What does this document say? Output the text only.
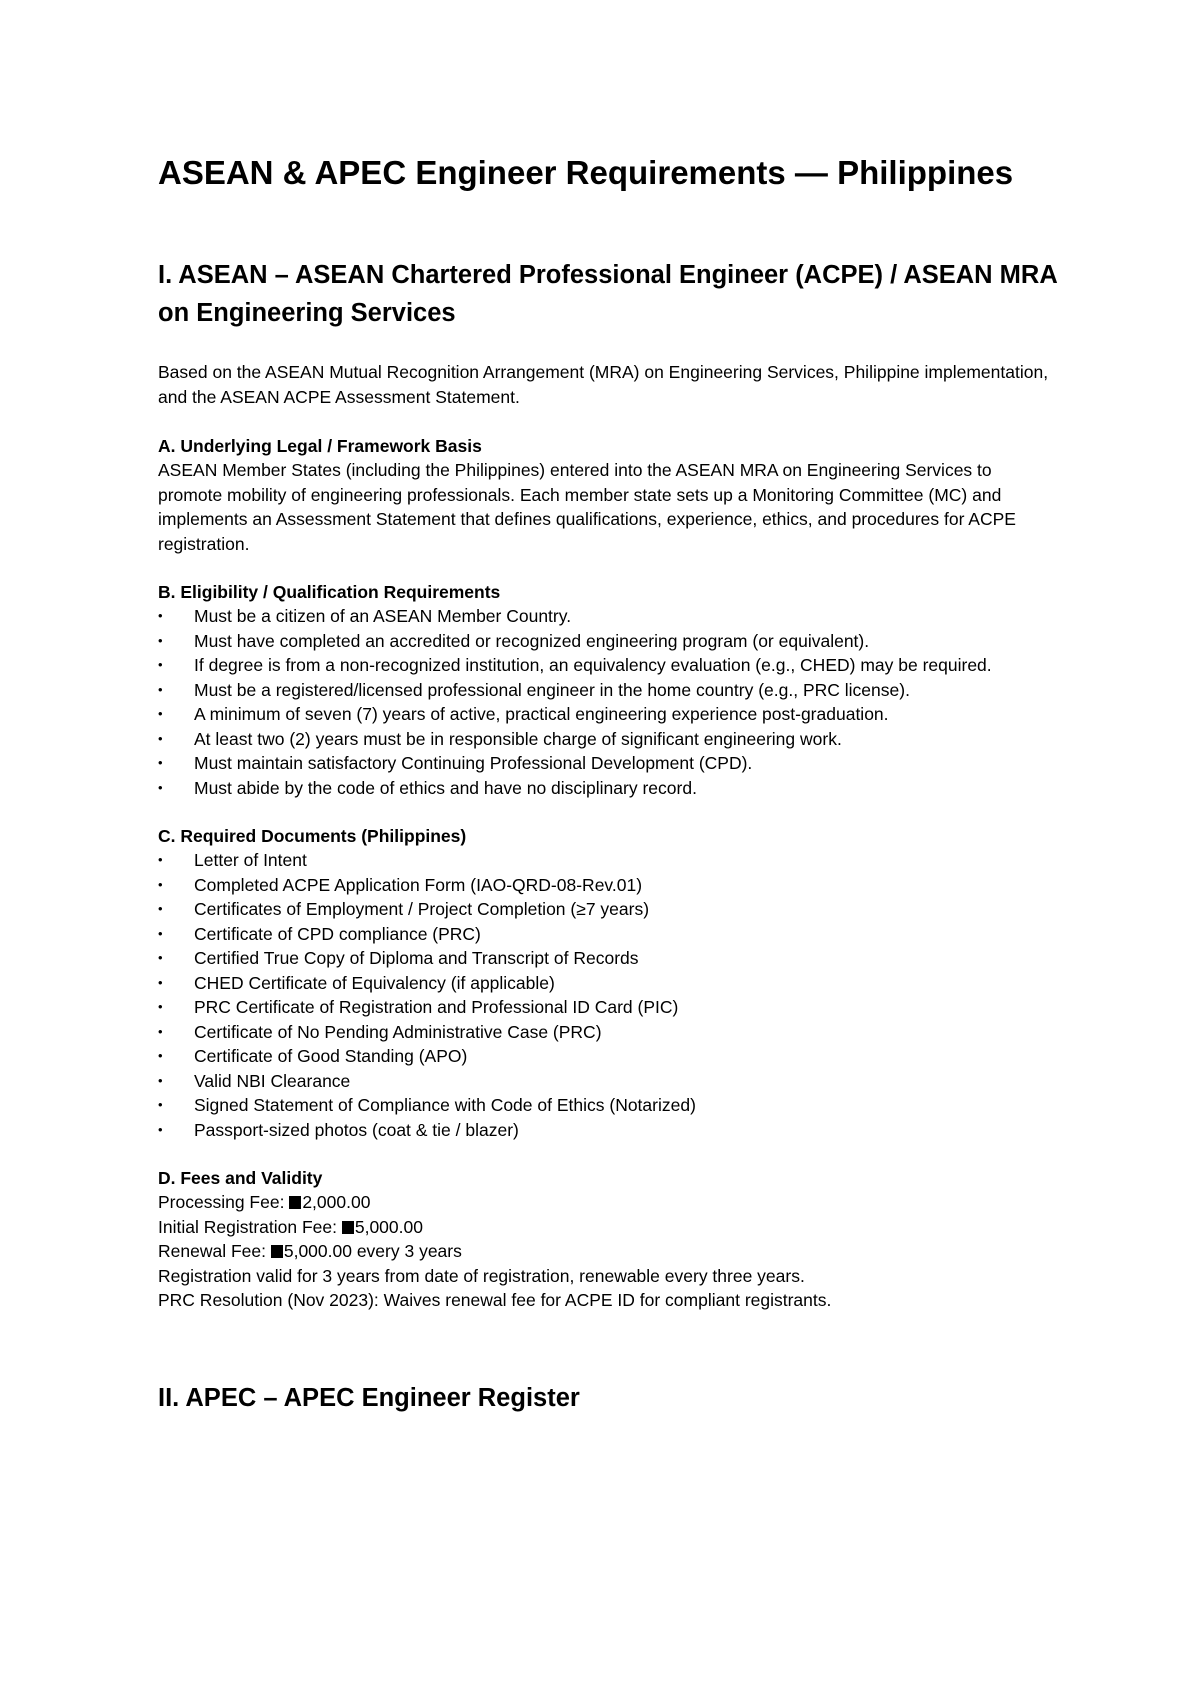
ASEAN & APEC Engineer Requirements — Philippines
I. ASEAN – ASEAN Chartered Professional Engineer (ACPE) / ASEAN MRA on Engineering Services

Based on the ASEAN Mutual Recognition Arrangement (MRA) on Engineering Services, Philippine implementation, and the ASEAN ACPE Assessment Statement.

A. Underlying Legal / Framework Basis

ASEAN Member States (including the Philippines) entered into the ASEAN MRA on Engineering Services to promote mobility of engineering professionals. Each member state sets up a Monitoring Committee (MC) and implements an Assessment Statement that defines qualifications, experience, ethics, and procedures for ACPE registration.

B. Eligibility / Qualification Requirements
•	Must be a citizen of an ASEAN Member Country.
•	Must have completed an accredited or recognized engineering program (or equivalent).
•	If degree is from a non-recognized institution, an equivalency evaluation (e.g., CHED) may be required.
•	Must be a registered/licensed professional engineer in the home country (e.g., PRC license).
•	A minimum of seven (7) years of active, practical engineering experience post-graduation.
•	At least two (2) years must be in responsible charge of significant engineering work.
•	Must maintain satisfactory Continuing Professional Development (CPD).
•	Must abide by the code of ethics and have no disciplinary record.
C. Required Documents (Philippines)
•	Letter of Intent
•	Completed ACPE Application Form (IAO-QRD-08-Rev.01)
•	Certificates of Employment / Project Completion (≥7 years)
•	Certificate of CPD compliance (PRC)
•	Certified True Copy of Diploma and Transcript of Records
•	CHED Certificate of Equivalency (if applicable)
•	PRC Certificate of Registration and Professional ID Card (PIC)
•	Certificate of No Pending Administrative Case (PRC)
•	Certificate of Good Standing (APO)
•	Valid NBI Clearance
•	Signed Statement of Compliance with Code of Ethics (Notarized)
•	Passport-sized photos (coat & tie / blazer)
D. Fees and Validity
Processing Fee: 2,000.00
Initial Registration Fee: 5,000.00
Renewal Fee: 5,000.00 every 3 years
Registration valid for 3 years from date of registration, renewable every three years.
PRC Resolution (Nov 2023): Waives renewal fee for ACPE ID for compliant registrants.
II. APEC – APEC Engineer Register
